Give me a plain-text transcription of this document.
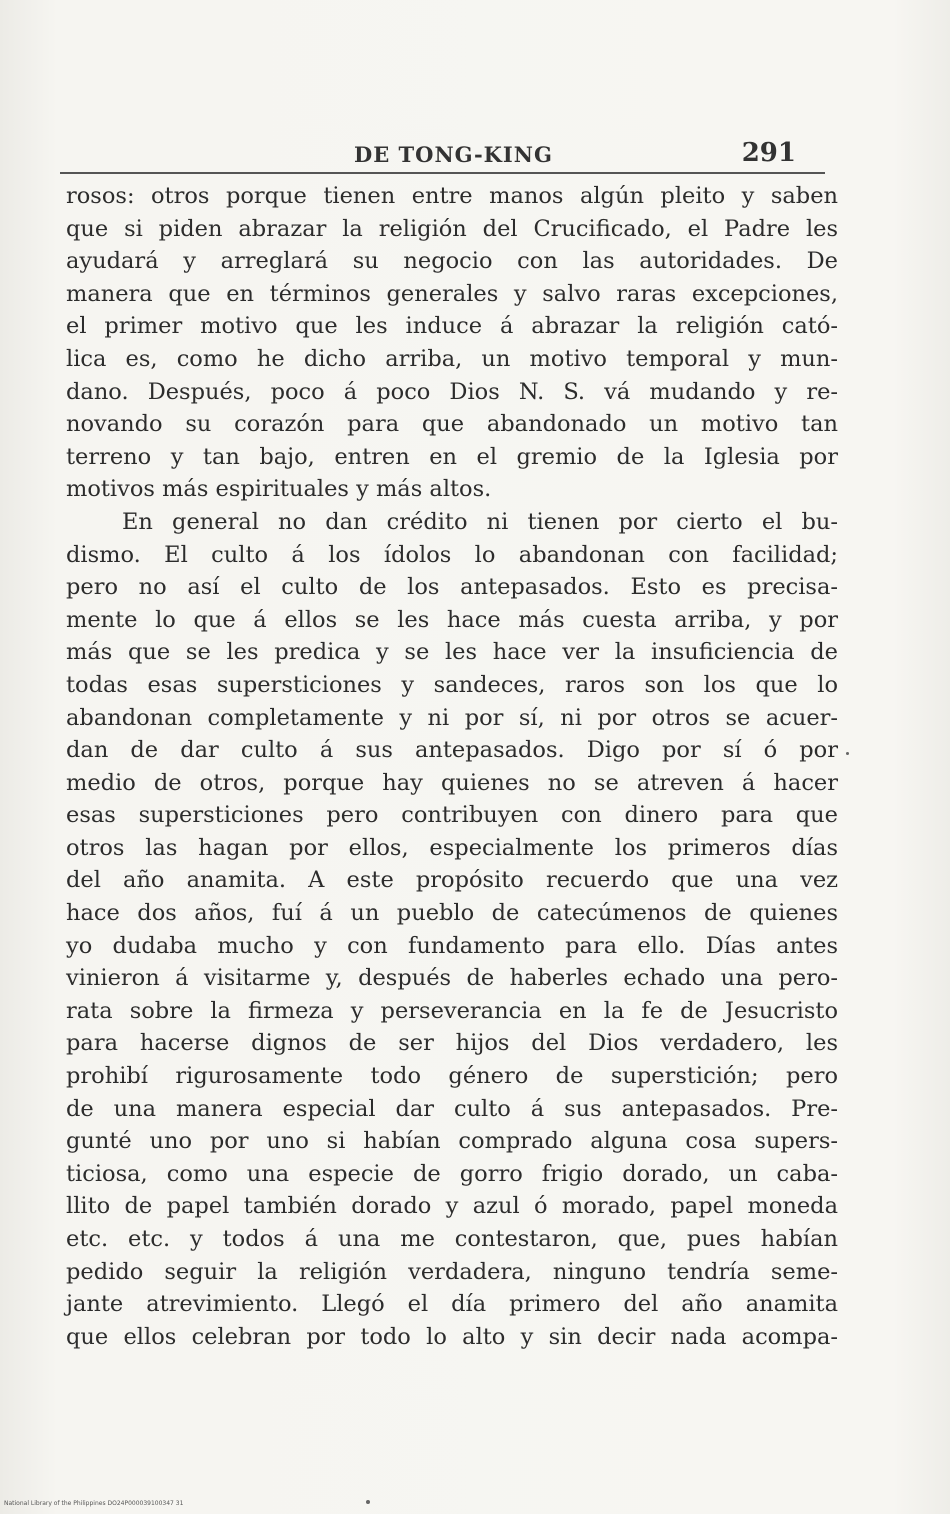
DE TONG-KING	291
rosos: otros porque tienen entre manos algún pleito y saben
que si piden abrazar la religión del Crucificado, el Padre les
ayudará y arreglará su negocio con las autoridades. De
manera que en términos generales y salvo raras excepciones,
el primer motivo que les induce á abrazar la religión cató-
lica es, como he dicho arriba, un motivo temporal y mun-
dano. Después, poco á poco Dios N. S. vá mudando y re-
novando su corazón para que abandonado un motivo tan
terreno y tan bajo, entren en el gremio de la Iglesia por
motivos más espirituales y más altos.
En general no dan crédito ni tienen por cierto el bu-
dismo. El culto á los ídolos lo abandonan con facilidad;
pero no así el culto de los antepasados. Esto es precisa-
mente lo que á ellos se les hace más cuesta arriba, y por
más que se les predica y se les hace ver la insuficiencia de
todas esas supersticiones y sandeces, raros son los que lo
abandonan completamente y ni por sí, ni por otros se acuer-
dan de dar culto á sus antepasados. Digo por sí ó por
medio de otros, porque hay quienes no se atreven á hacer
esas supersticiones pero contribuyen con dinero para que
otros las hagan por ellos, especialmente los primeros días
del año anamita. A este propósito recuerdo que una vez
hace dos años, fuí á un pueblo de catecúmenos de quienes
yo dudaba mucho y con fundamento para ello. Días antes
vinieron á visitarme y, después de haberles echado una pero-
rata sobre la firmeza y perseverancia en la fe de Jesucristo
para hacerse dignos de ser hijos del Dios verdadero, les
prohibí rigurosamente todo género de superstición; pero
de una manera especial dar culto á sus antepasados. Pre-
gunté uno por uno si habían comprado alguna cosa supers-
ticiosa, como una especie de gorro frigio dorado, un caba-
llito de papel también dorado y azul ó morado, papel moneda
etc. etc. y todos á una me contestaron, que, pues habían
pedido seguir la religión verdadera, ninguno tendría seme-
jante atrevimiento. Llegó el día primero del año anamita
que ellos celebran por todo lo alto y sin decir nada acompa-
National Library of the Philippines DO24P000039100347 31
